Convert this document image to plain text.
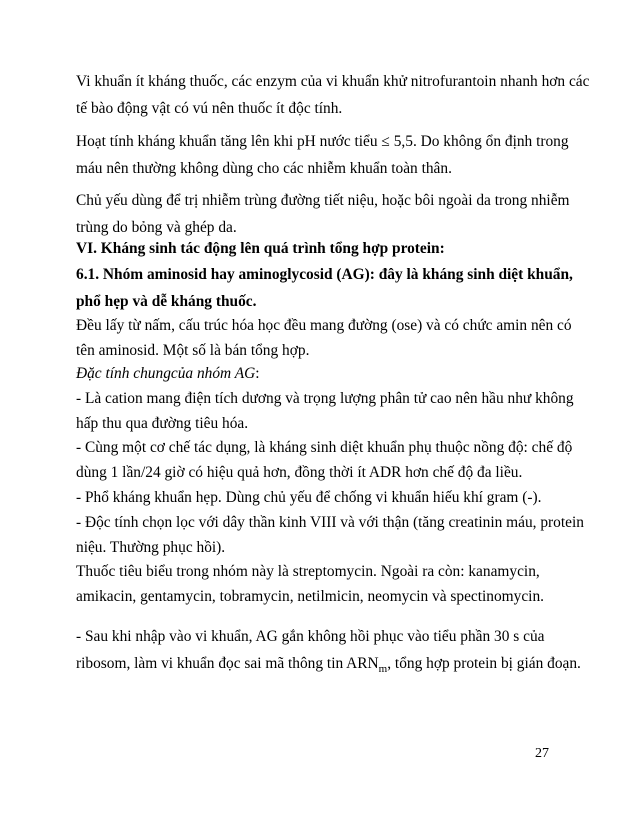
Vi khuẩn ít kháng thuốc, các enzym của vi khuẩn khử nitrofurantoin nhanh hơn các
tế bào động vật có vú nên thuốc ít độc tính.
Hoạt tính kháng khuẩn tăng lên khi pH nước tiểu ≤ 5,5. Do không ổn định trong
máu nên thường không dùng cho các nhiễm khuẩn toàn thân.
Chủ yếu dùng để trị nhiễm trùng đường tiết niệu, hoặc bôi ngoài da trong nhiễm
trùng do bỏng và ghép da.
VI. Kháng sinh tác động lên quá trình tổng hợp protein:
6.1. Nhóm aminosid hay aminoglycosid (AG): đây là kháng sinh diệt khuẩn,
phổ hẹp và dễ kháng thuốc.
Đều lấy từ nấm, cấu trúc hóa học đều mang đường (ose) và có chức amin nên có
tên aminosid. Một số là bán tổng hợp.
Đặc tính chungcủa nhóm AG:
- Là cation mang điện tích dương và trọng lượng phân tử cao nên hầu như không
hấp thu qua đường tiêu hóa.
- Cùng một cơ chế tác dụng, là kháng sinh diệt khuẩn phụ thuộc nồng độ: chế độ
dùng 1 lần/24 giờ có hiệu quả hơn, đồng thời ít ADR hơn chế độ đa liều.
- Phổ kháng khuẩn hẹp. Dùng chủ yếu để chống vi khuẩn hiếu khí gram (-).
- Độc tính chọn lọc với dây thần kinh VIII và với thận (tăng creatinin máu, protein
niệu. Thường phục hồi).
Thuốc tiêu biểu trong nhóm này là streptomycin. Ngoài ra còn: kanamycin,
amikacin, gentamycin, tobramycin, netilmicin, neomycin và spectinomycin.
- Sau khi nhập vào vi khuẩn, AG gắn không hồi phục vào tiểu phần 30 s của
ribosom, làm vi khuẩn đọc sai mã thông tin $ARN_m$, tổng hợp protein bị gián đoạn.
27
